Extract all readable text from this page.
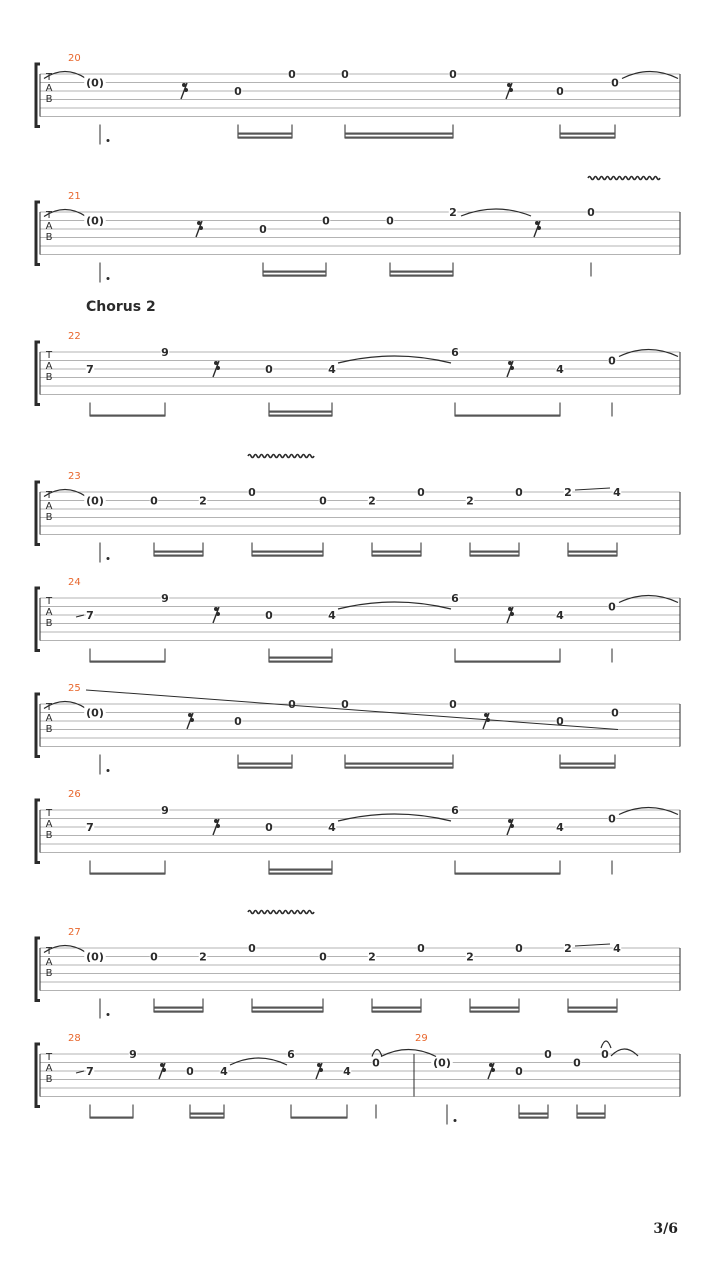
T
A
B
20
(0)
0
0	0	0
0
0
T
A
B
21
(0)
0
0	0
2	0
T
A
B
22
7
9
0	4
6
4
0
T
A
B
23
(0)	0	2
0
0	2
0
2
0	2	4
T
A
B
24
7
9
0	4
6
4
0
T
A
B
25
(0)
0
0	0	0
0
0
T
A
B
26
7
9
0	4
6
4
0
T
A
B
27
(0)	0	2
0
0	2
0
2
0	2	4
T
A
B
28
7
9
0 4
6
4
0
29
(0)
0
0
0
0
Chorus 2
3/6
